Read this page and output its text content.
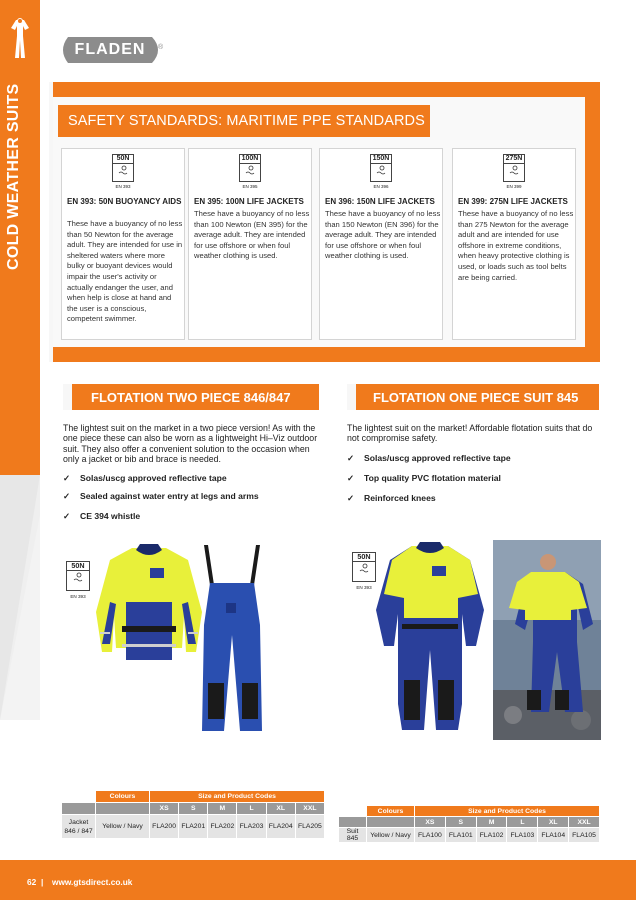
COLD WEATHER SUITS
FLADEN	®
SAFETY STANDARDS: MARITIME PPE STANDARDS
50N
EN 393
EN 393: 50N BUOYANCY AIDS
These have a buoyancy of no less than 50 Newton for the average adult. They are intended for use in sheltered waters where more bulky or buoyant devices would impair the user's activity or actually endanger the user, and when help is close at hand and the user is a conscious, competent swimmer.
100N
EN 395
EN 395: 100N LIFE JACKETS
These have a buoyancy of no less than 100 Newton (EN 395) for the average adult. They are intended for use offshore or when foul weather clothing is used.
150N
EN 396
EN 396: 150N LIFE JACKETS
These have a buoyancy of no less than 150 Newton (EN 396) for the average adult. They are intended for use offshore or when foul weather clothing is used.
275N
EN 399
EN 399: 275N LIFE JACKETS
These have a buoyancy of no less than 275 Newton for the average adult and are intended for use offshore in extreme conditions, when heavy protective clothing is used, or loads such as tool belts are being carried.
FLOTATION TWO PIECE 846/847
The lightest suit on the market in a two piece version! As with the one piece these can also be worn as a lightweight Hi–Viz outdoor suit. They also offer a convenient solution to the occasion when only a jacket or bib and brace is needed.
✓ Solas/uscg approved reflective tape
✓ Sealed against water entry at legs and arms
✓ CE 394 whistle
50N
EN 393
	Colours	Size and Product Codes					
		XS	S	M	L	XL	XXL
Jacket 846 / 847	Yellow / Navy	FLA200	FLA201	FLA202	FLA203	FLA204	FLA205
FLOTATION ONE PIECE SUIT 845
The lightest suit on the market! Affordable flotation suits that do not compromise safety.
✓ Solas/uscg approved reflective tape
✓ Top quality PVC flotation material
✓ Reinforced knees
50N
EN 393
	Colours	Size and Product Codes					
		XS	S	M	L	XL	XXL
Suit 845	Yellow / Navy	FLA100	FLA101	FLA102	FLA103	FLA104	FLA105
62 | www.gtsdirect.co.uk
